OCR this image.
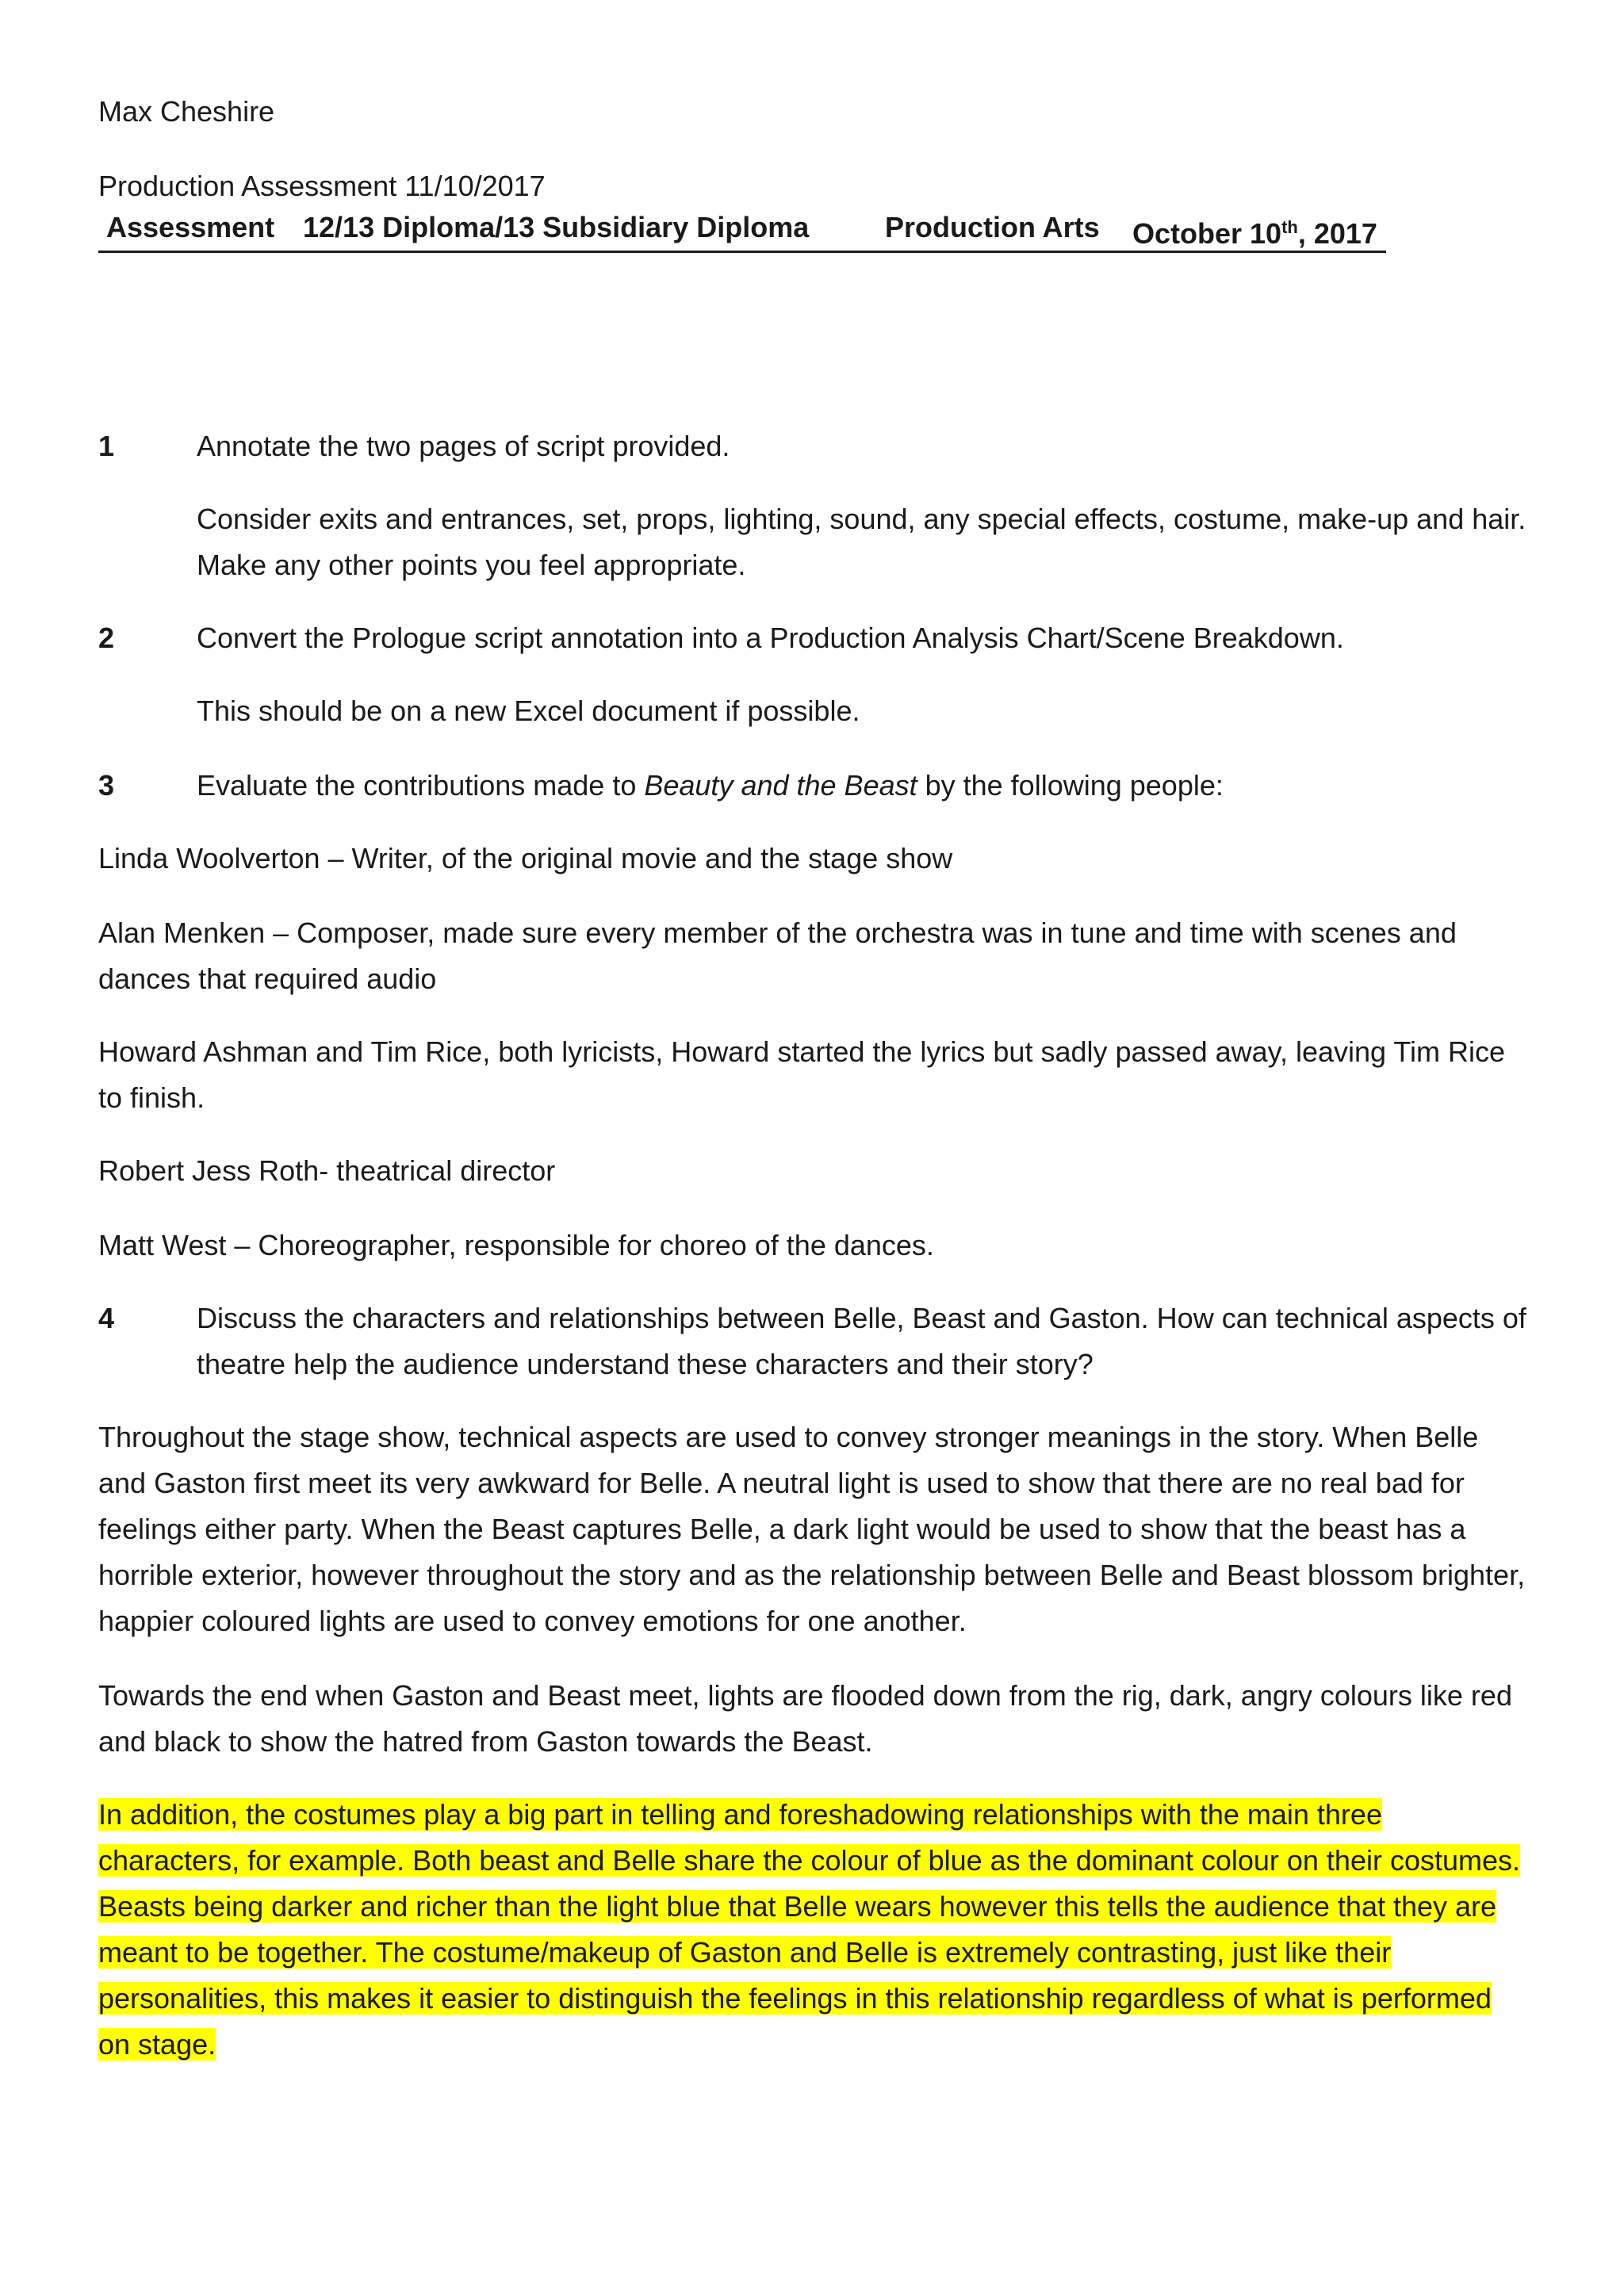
Max Cheshire
Production Assessment 11/10/2017
Assessment 12/13 Diploma/13 Subsidiary Diploma	Production Arts October 10th, 2017
1	Annotate the two pages of script provided.
Consider exits and entrances, set, props, lighting, sound, any special effects, costume, make-up and hair. Make any other points you feel appropriate.
2	Convert the Prologue script annotation into a Production Analysis Chart/Scene Breakdown.
This should be on a new Excel document if possible.
3	Evaluate the contributions made to Beauty and the Beast by the following people:
Linda Woolverton – Writer, of the original movie and the stage show
Alan Menken – Composer, made sure every member of the orchestra was in tune and time with scenes and dances that required audio
Howard Ashman and Tim Rice, both lyricists, Howard started the lyrics but sadly passed away, leaving Tim Rice to finish.
Robert Jess Roth- theatrical director
Matt West – Choreographer, responsible for choreo of the dances.
4	Discuss the characters and relationships between Belle, Beast and Gaston. How can technical aspects of theatre help the audience understand these characters and their story?
Throughout the stage show, technical aspects are used to convey stronger meanings in the story. When Belle and Gaston first meet its very awkward for Belle. A neutral light is used to show that there are no real bad for feelings either party. When the Beast captures Belle, a dark light would be used to show that the beast has a horrible exterior, however throughout the story and as the relationship between Belle and Beast blossom brighter, happier coloured lights are used to convey emotions for one another.
Towards the end when Gaston and Beast meet, lights are flooded down from the rig, dark, angry colours like red and black to show the hatred from Gaston towards the Beast.
In addition, the costumes play a big part in telling and foreshadowing relationships with the main three characters, for example. Both beast and Belle share the colour of blue as the dominant colour on their costumes. Beasts being darker and richer than the light blue that Belle wears however this tells the audience that they are meant to be together. The costume/makeup of Gaston and Belle is extremely contrasting, just like their personalities, this makes it easier to distinguish the feelings in this relationship regardless of what is performed on stage.
